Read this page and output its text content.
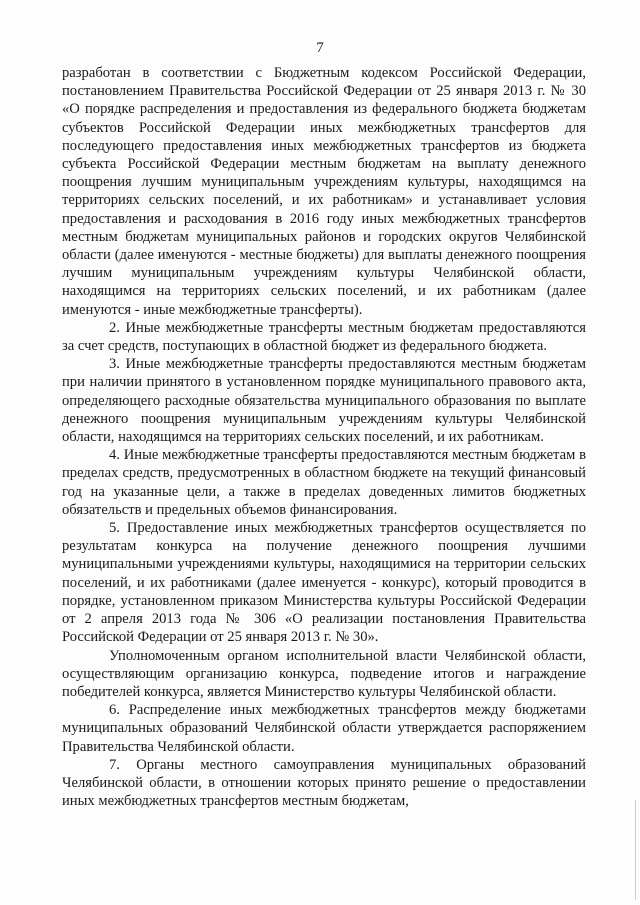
7

разработан в соответствии с Бюджетным кодексом Российской Федерации, постановлением Правительства Российской Федерации от 25 января 2013 г. № 30 «О порядке распределения и предоставления из федерального бюджета бюджетам субъектов Российской Федерации иных межбюджетных трансфертов для последующего предоставления иных межбюджетных трансфертов из бюджета субъекта Российской Федерации местным бюджетам на выплату денежного поощрения лучшим муниципальным учреждениям культуры, находящимся на территориях сельских поселений, и их работникам» и устанавливает условия предоставления и расходования в 2016 году иных межбюджетных трансфертов местным бюджетам муниципальных районов и городских округов Челябинской области (далее именуются - местные бюджеты) для выплаты денежного поощрения лучшим муниципальным учреждениям культуры Челябинской области, находящимся на территориях сельских поселений, и их работникам (далее именуются - иные межбюджетные трансферты).

2. Иные межбюджетные трансферты местным бюджетам предоставляются за счет средств, поступающих в областной бюджет из федерального бюджета.

3. Иные межбюджетные трансферты предоставляются местным бюджетам при наличии принятого в установленном порядке муниципального правового акта, определяющего расходные обязательства муниципального образования по выплате денежного поощрения муниципальным учреждениям культуры Челябинской области, находящимся на территориях сельских поселений, и их работникам.

4. Иные межбюджетные трансферты предоставляются местным бюджетам в пределах средств, предусмотренных в областном бюджете на текущий финансовый год на указанные цели, а также в пределах доведенных лимитов бюджетных обязательств и предельных объемов финансирования.

5. Предоставление иных межбюджетных трансфертов осуществляется по результатам конкурса на получение денежного поощрения лучшими муниципальными учреждениями культуры, находящимися на территории сельских поселений, и их работниками (далее именуется - конкурс), который проводится в порядке, установленном приказом Министерства культуры Российской Федерации от 2 апреля 2013 года № 306 «О реализации постановления Правительства Российской Федерации от 25 января 2013 г. № 30».

Уполномоченным органом исполнительной власти Челябинской области, осуществляющим организацию конкурса, подведение итогов и награждение победителей конкурса, является Министерство культуры Челябинской области.

6. Распределение иных межбюджетных трансфертов между бюджетами муниципальных образований Челябинской области утверждается распоряжением Правительства Челябинской области.

7. Органы местного самоуправления муниципальных образований Челябинской области, в отношении которых принято решение о предоставлении иных межбюджетных трансфертов местным бюджетам,
